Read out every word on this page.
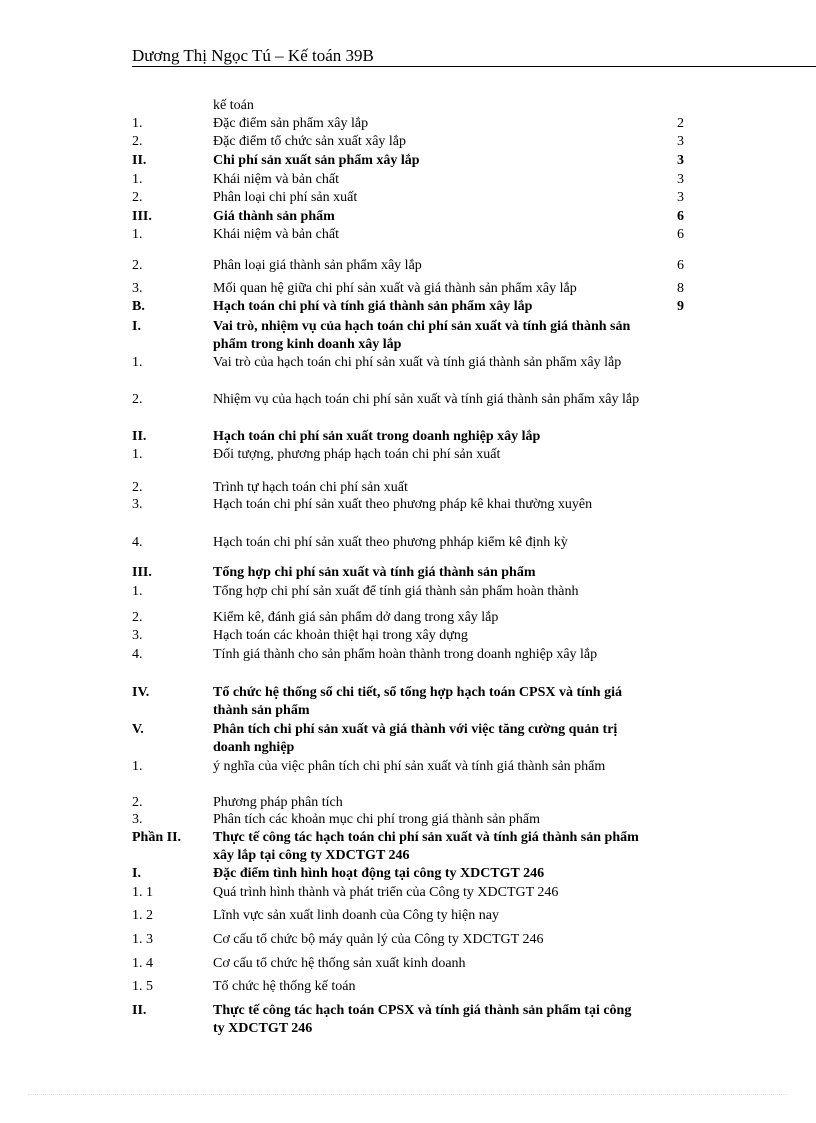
Dương Thị Ngọc Tú – Kế toán 39B
kế toán
1.	Đặc điểm sản phẩm xây lắp	2
2.	Đặc điểm tổ chức sản xuất xây lắp	3
II.	Chi phí sản xuất sản phẩm xây lắp	3
1.	Khái niệm và bản chất	3
2.	Phân loại chi phí sản xuất	3
III.	Giá thành sản phẩm	6
1.	Khái niệm và bản chất	6
2.	Phân loại giá thành sản phẩm xây lắp	6
3.	Mối quan hệ giữa chi phí sản xuất và giá thành sản phẩm xây lắp	8
B.	Hạch toán chi phí và tính giá thành sản phẩm xây lắp	9
I.	Vai trò, nhiệm vụ của hạch toán chi phí sản xuất và tính giá thành sản phẩm trong kinh doanh xây lắp
1.	Vai trò của hạch toán chi phí sản xuất và tính giá thành sản phẩm xây lắp
2.	Nhiệm vụ của hạch toán chi phí sản xuất và tính giá thành sản phẩm xây lắp
II.	Hạch toán chi phí sản xuất trong doanh nghiệp xây lắp
1.	Đối tượng, phương pháp hạch toán chi phí sản xuất
2.	Trình tự hạch toán chi phí sản xuất
3.	Hạch toán chi phí sản xuất theo phương pháp kê khai thường xuyên
4.	Hạch toán chi phí sản xuất theo phương phháp kiểm kê định kỳ
III.	Tổng hợp chi phí sản xuất và tính giá thành sản phẩm
1.	Tổng hợp chi phí sản xuất để tính giá thành sản phẩm hoàn thành
2.	Kiểm kê, đánh giá sản phẩm dở dang trong xây lắp
3.	Hạch toán các khoản thiệt hại trong xây dựng
4.	Tính giá thành cho sản phẩm hoàn thành trong doanh nghiệp xây lắp
IV.	Tổ chức hệ thống sổ chi tiết, sổ tổng hợp hạch toán CPSX và tính giá thành sản phẩm
V.	Phân tích chi phí sản xuất và giá thành với việc tăng cường quản trị doanh nghiệp
1.	ý nghĩa của việc phân tích chi phí sản xuất và tính giá thành sản phẩm
2.	Phương pháp phân tích
3.	Phân tích các khoản mục chi phí trong giá thành sản phẩm
Phần II. Thực tế công tác hạch toán chi phí sản xuất và tính giá thành sản phẩm xây lắp tại công ty XDCTGT 246
I.	Đặc điểm tình hình hoạt động tại công ty XDCTGT 246
1. 1	Quá trình hình thành và phát triển của Công ty XDCTGT 246
1. 2	Lĩnh vực sản xuất linh doanh của Công ty hiện nay
1. 3	Cơ cấu tổ chức bộ máy quản lý của Công ty XDCTGT 246
1. 4	Cơ cấu tổ chức hệ thống sản xuất kinh doanh
1. 5	Tổ chức hệ thống kế toán
II.	Thực tế công tác hạch toán CPSX và tính giá thành sản phẩm tại công ty XDCTGT 246
